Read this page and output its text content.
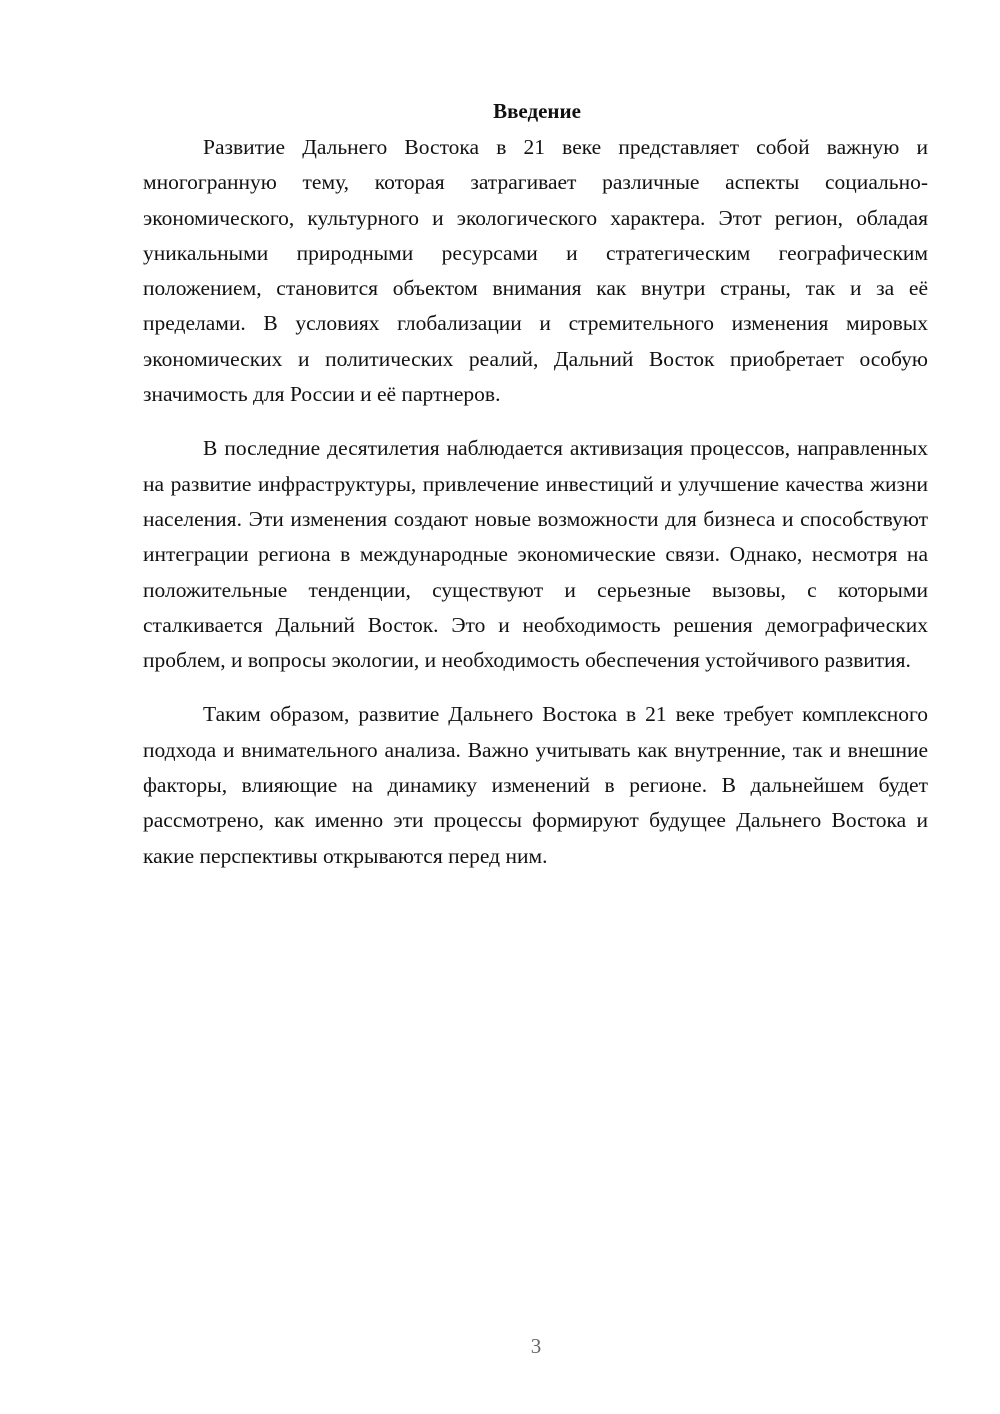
Введение

Развитие Дальнего Востока в 21 веке представляет собой важную и многогранную тему, которая затрагивает различные аспекты социально-экономического, культурного и экологического характера. Этот регион, обладая уникальными природными ресурсами и стратегическим географическим положением, становится объектом внимания как внутри страны, так и за её пределами. В условиях глобализации и стремительного изменения мировых экономических и политических реалий, Дальний Восток приобретает особую значимость для России и её партнеров.

В последние десятилетия наблюдается активизация процессов, направленных на развитие инфраструктуры, привлечение инвестиций и улучшение качества жизни населения. Эти изменения создают новые возможности для бизнеса и способствуют интеграции региона в международные экономические связи. Однако, несмотря на положительные тенденции, существуют и серьезные вызовы, с которыми сталкивается Дальний Восток. Это и необходимость решения демографических проблем, и вопросы экологии, и необходимость обеспечения устойчивого развития.

Таким образом, развитие Дальнего Востока в 21 веке требует комплексного подхода и внимательного анализа. Важно учитывать как внутренние, так и внешние факторы, влияющие на динамику изменений в регионе. В дальнейшем будет рассмотрено, как именно эти процессы формируют будущее Дальнего Востока и какие перспективы открываются перед ним.

3
